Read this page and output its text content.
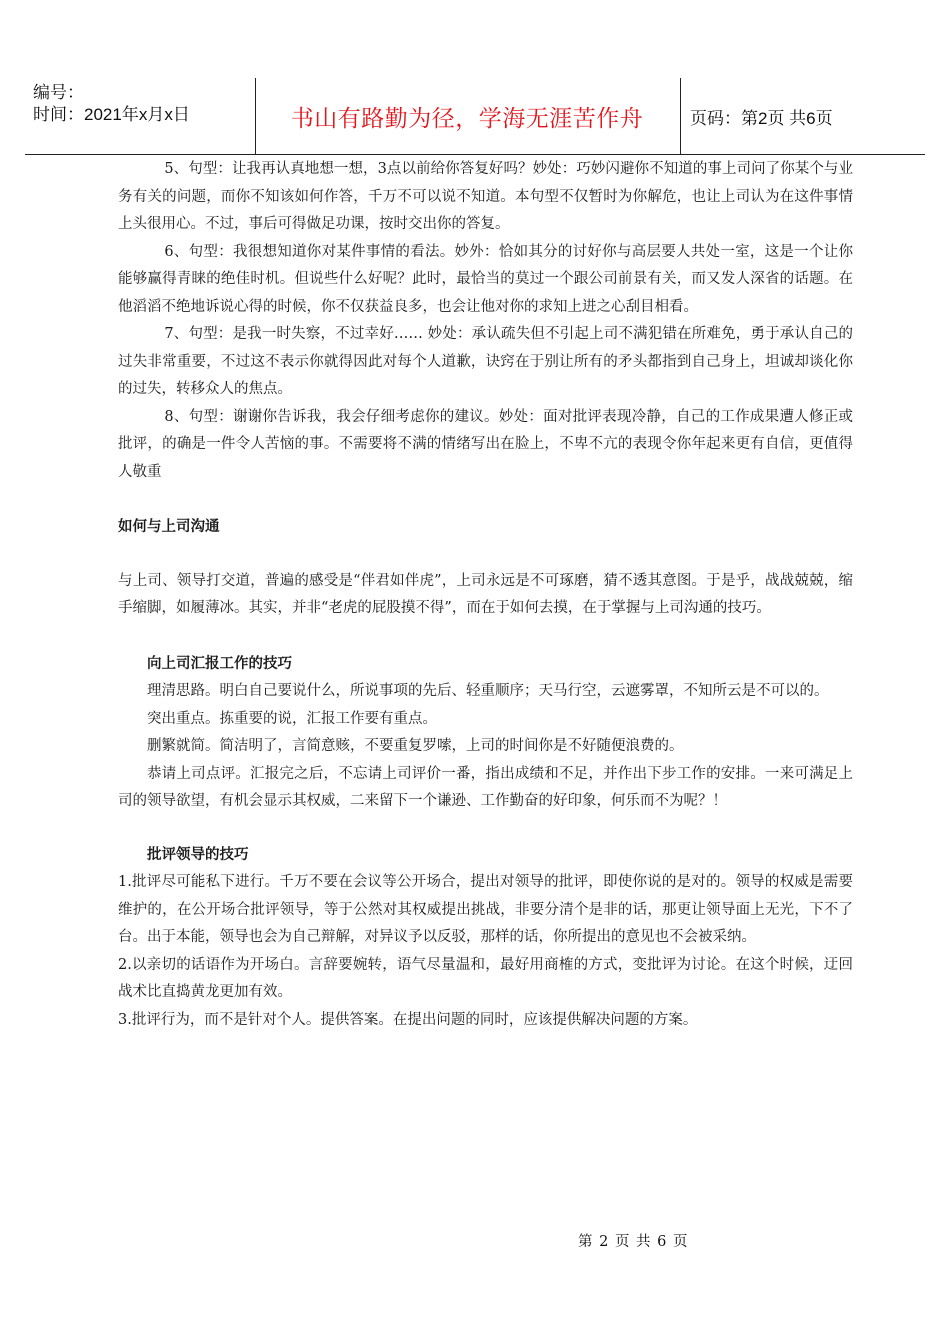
编号：
时间：2021年x月x日	书山有路勤为径，学海无涯苦作舟	页码：第2页 共6页

5、句型：让我再认真地想一想，3点以前给你答复好吗？妙处：巧妙闪避你不知道的事上司问了你某个与业务有关的问题，而你不知该如何作答，千万不可以说不知道。本句型不仅暂时为你解危，也让上司认为在这件事情上头很用心。不过，事后可得做足功课，按时交出你的答复。

6、句型：我很想知道你对某件事情的看法。妙外：恰如其分的讨好你与高层要人共处一室，这是一个让你能够赢得青睐的绝佳时机。但说些什么好呢？此时，最恰当的莫过一个跟公司前景有关，而又发人深省的话题。在他滔滔不绝地诉说心得的时候，你不仅获益良多，也会让他对你的求知上进之心刮目相看。

7、句型：是我一时失察，不过幸好…… 妙处：承认疏失但不引起上司不满犯错在所难免，勇于承认自己的过失非常重要，不过这不表示你就得因此对每个人道歉，诀窍在于别让所有的矛头都指到自己身上，坦诚却谈化你的过失，转移众人的焦点。

8、句型：谢谢你告诉我，我会仔细考虑你的建议。妙处：面对批评表现冷静，自己的工作成果遭人修正或批评，的确是一件令人苦恼的事。不需要将不满的情绪写出在脸上，不卑不亢的表现令你年起来更有自信，更值得人敬重

如何与上司沟通

与上司、领导打交道，普遍的感受是“伴君如伴虎”，上司永远是不可琢磨，猜不透其意图。于是乎，战战兢兢，缩手缩脚，如履薄冰。其实，并非“老虎的屁股摸不得”，而在于如何去摸，在于掌握与上司沟通的技巧。

向上司汇报工作的技巧

理清思路。明白自己要说什么，所说事项的先后、轻重顺序；天马行空，云遮雾罩，不知所云是不可以的。

突出重点。拣重要的说，汇报工作要有重点。

删繁就简。简洁明了，言简意赅，不要重复罗嗦，上司的时间你是不好随便浪费的。

恭请上司点评。汇报完之后，不忘请上司评价一番，指出成绩和不足，并作出下步工作的安排。一来可满足上司的领导欲望，有机会显示其权威，二来留下一个谦逊、工作勤奋的好印象，何乐而不为呢？！

批评领导的技巧

1.批评尽可能私下进行。千万不要在会议等公开场合，提出对领导的批评，即使你说的是对的。领导的权威是需要维护的，在公开场合批评领导，等于公然对其权威提出挑战，非要分清个是非的话，那更让领导面上无光，下不了台。出于本能，领导也会为自己辩解，对异议予以反驳，那样的话，你所提出的意见也不会被采纳。

2.以亲切的话语作为开场白。言辞要婉转，语气尽量温和，最好用商榷的方式，变批评为讨论。在这个时候，迂回战术比直捣黄龙更加有效。

3.批评行为，而不是针对个人。提供答案。在提出问题的同时，应该提供解决问题的方案。

第 2 页 共 6 页
